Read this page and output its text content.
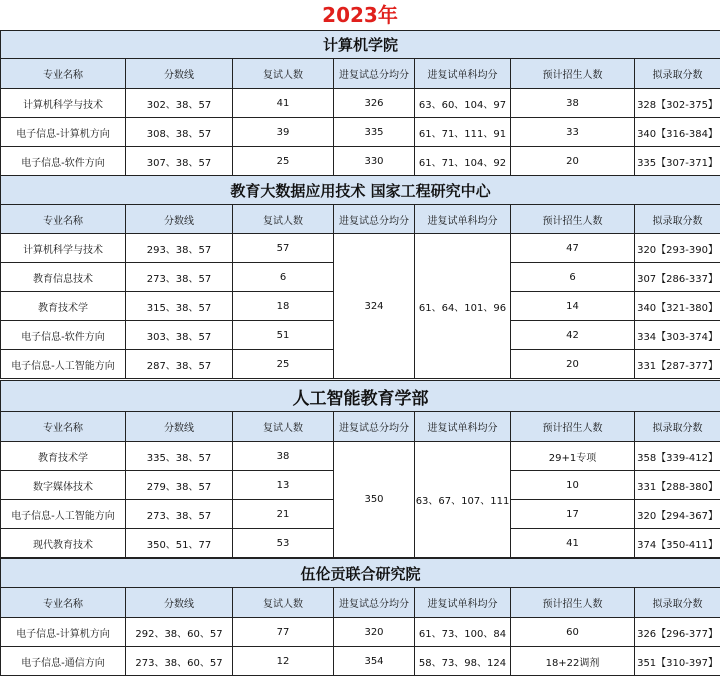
2023年
计算机学院						
专业名称	分数线	复试人数	进复试总分均分	进复试单科均分	预计招生人数	拟录取分数
计算机科学与技术	302、38、57	41	326	63、60、104、97	38	328【302-375】
电子信息-计算机方向	308、38、57	39	335	61、71、111、91	33	340【316-384】
电子信息-软件方向	307、38、57	25	330	61、71、104、92	20	335【307-371】
教育大数据应用技术 国家工程研究中心						
专业名称	分数线	复试人数	进复试总分均分	进复试单科均分	预计招生人数	拟录取分数
计算机科学与技术	293、38、57	57	324	61、64、101、96	47	320【293-390】
教育信息技术	273、38、57	6			6	307【286-337】
教育技术学	315、38、57	18			14	340【321-380】
电子信息-软件方向	303、38、57	51			42	334【303-374】
电子信息-人工智能方向	287、38、57	25			20	331【287-377】
人工智能教育学部						
专业名称	分数线	复试人数	进复试总分均分	进复试单科均分	预计招生人数	拟录取分数
教育技术学	335、38、57	38	350	63、67、107、111	29+1专项	358【339-412】
数字媒体技术	279、38、57	13			10	331【288-380】
电子信息-人工智能方向	273、38、57	21			17	320【294-367】
现代教育技术	350、51、77	53			41	374【350-411】
伍伦贡联合研究院						
专业名称	分数线	复试人数	进复试总分均分	进复试单科均分	预计招生人数	拟录取分数
电子信息-计算机方向	292、38、60、57	77	320	61、73、100、84	60	326【296-377】
电子信息-通信方向	273、38、60、57	12	354	58、73、98、124	18+22调剂	351【310-397】
